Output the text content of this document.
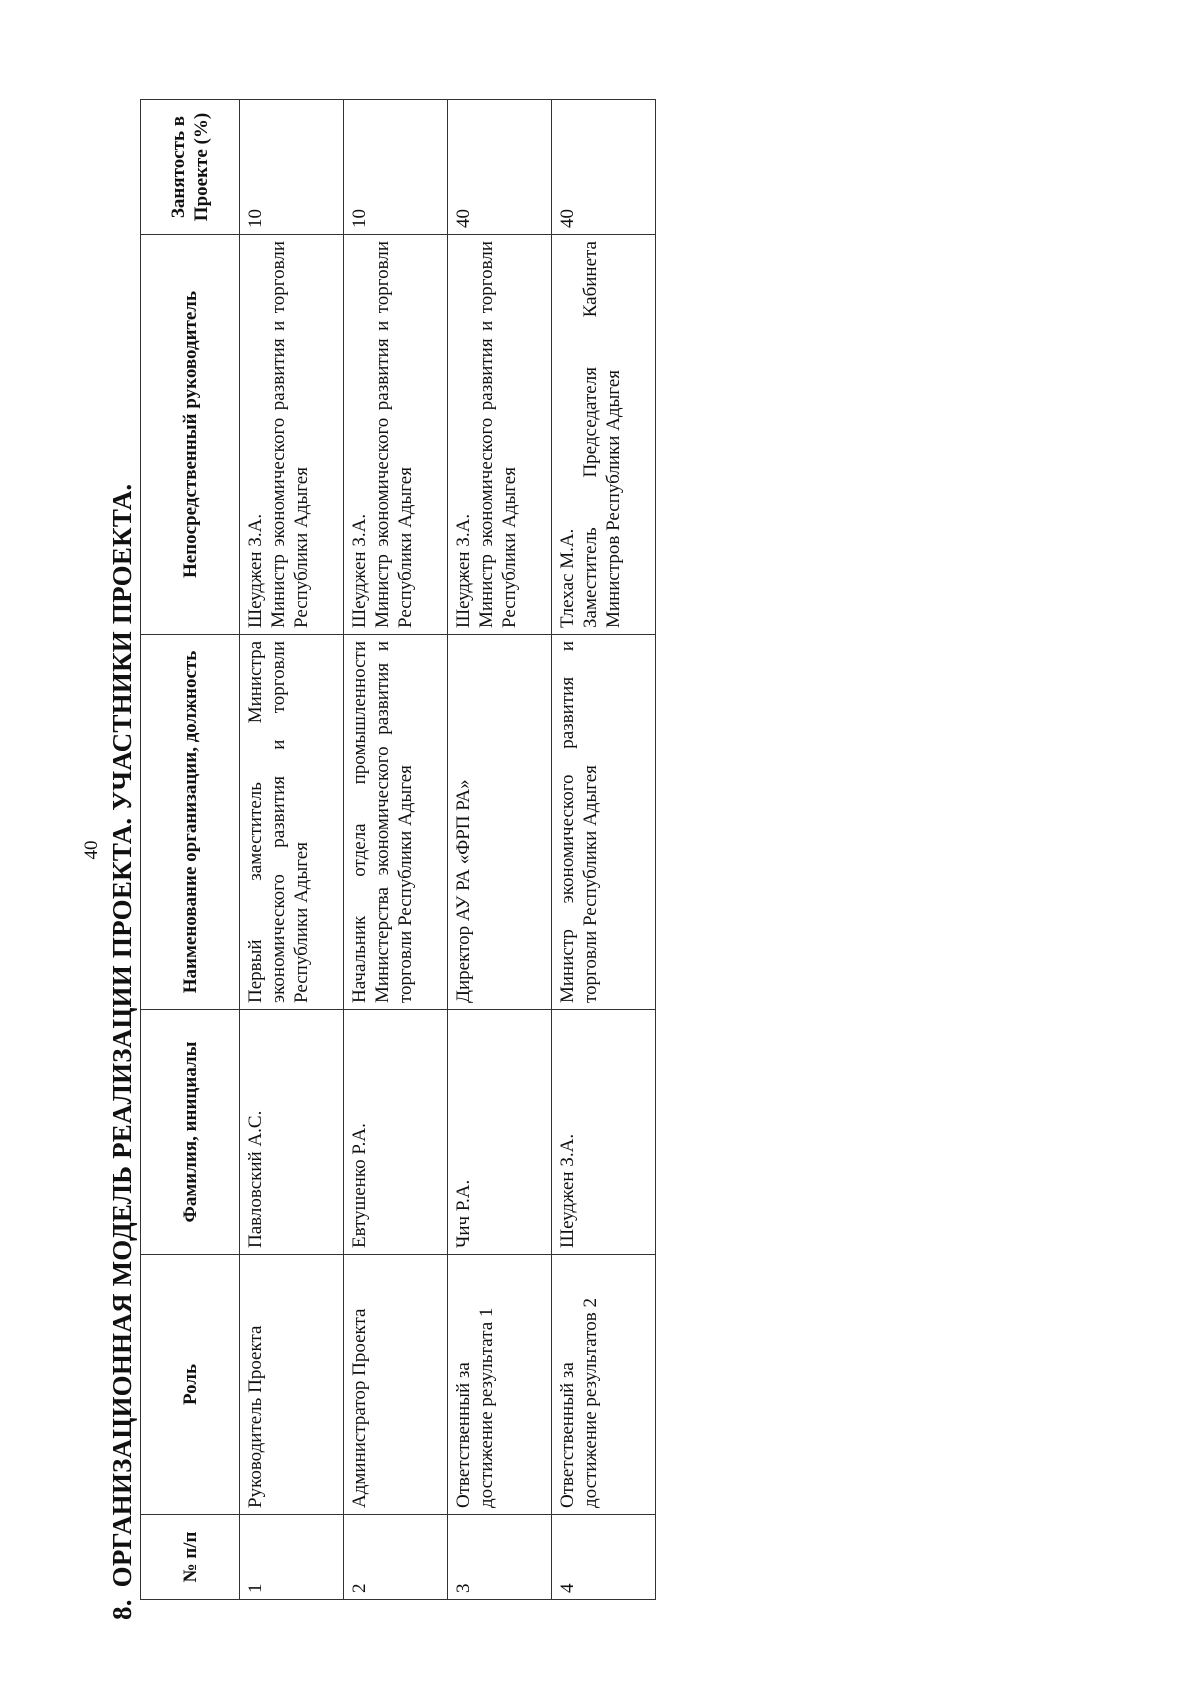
40
8.ОРГАНИЗАЦИОННАЯ МОДЕЛЬ РЕАЛИЗАЦИИ ПРОЕКТА. УЧАСТНИКИ ПРОЕКТА. № п/п	Роль	Фамилия, инициалы	Наименование организации, должность	Непосредственный руководитель	Занятость в Проекте (%)
1	Руководитель Проекта	Павловский А.С.	Первый заместитель Министра экономического развития и торговли Республики Адыгея	Шеуджен З.А. Министр экономического развития и торговли Республики Адыгея	10
2	Администратор Проекта	Евтушенко Р.А.	Начальник отдела промышленности Министерства экономического развития и торговли Республики Адыгея	Шеуджен З.А. Министр экономического развития и торговли Республики Адыгея	10
3	Ответственный за достижение результата 1	Чич Р.А.	Директор АУ РА «ФРП РА»	Шеуджен З.А. Министр экономического развития и торговли Республики Адыгея	40
4	Ответственный за достижение результатов 2	Шеуджен З.А.	Министр экономического развития и торговли Республики Адыгея	Тлехас М.А. Заместитель Председателя Кабинета Министров Республики Адыгея	40
